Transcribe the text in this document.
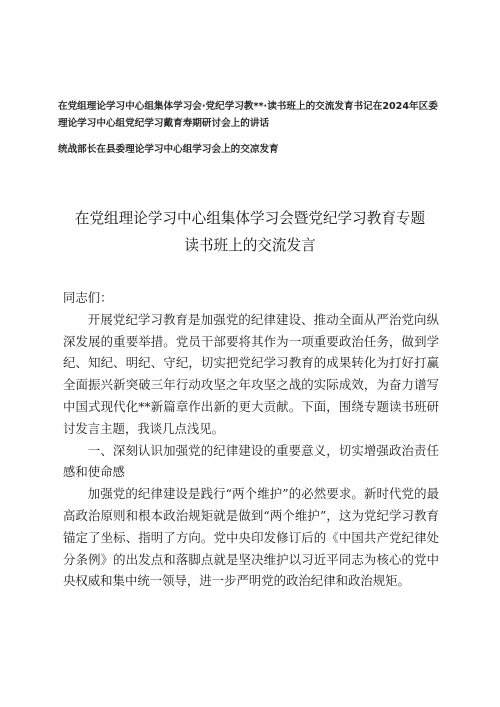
在党组理论学习中心组集体学习会·党纪学习教**·读书班上的交流发育书记在2024年区委理论学习中心组党纪学习戴育寿期研讨会上的讲话

统战部长在县委理论学习中心组学习会上的交凉发育

在党组理论学习中心组集体学习会暨党纪学习教育专题
读书班上的交流发言

同志们：

开展党纪学习教育是加强党的纪律建设、推动全面从严治党向纵深发展的重要举措。党员干部要将其作为一项重要政治任务，做到学纪、知纪、明纪、守纪，切实把党纪学习教育的成果转化为打好打赢全面振兴新突破三年行动攻坚之年攻坚之战的实际成效，为奋力谱写中国式现代化**新篇章作出新的更大贡献。下面，围绕专题读书班研讨发言主题，我谈几点浅见。

一、深刻认识加强党的纪律建设的重要意义，切实增强政治责任感和使命感

加强党的纪律建设是践行“两个维护”的必然要求。新时代党的最高政治原则和根本政治规矩就是做到“两个维护”，这为党纪学习教育锚定了坐标、指明了方向。党中央印发修订后的《中国共产党纪律处分条例》的出发点和落脚点就是坚决维护以习近平同志为核心的党中央权威和集中统一领导，进一步严明党的政治纪律和政治规矩。
